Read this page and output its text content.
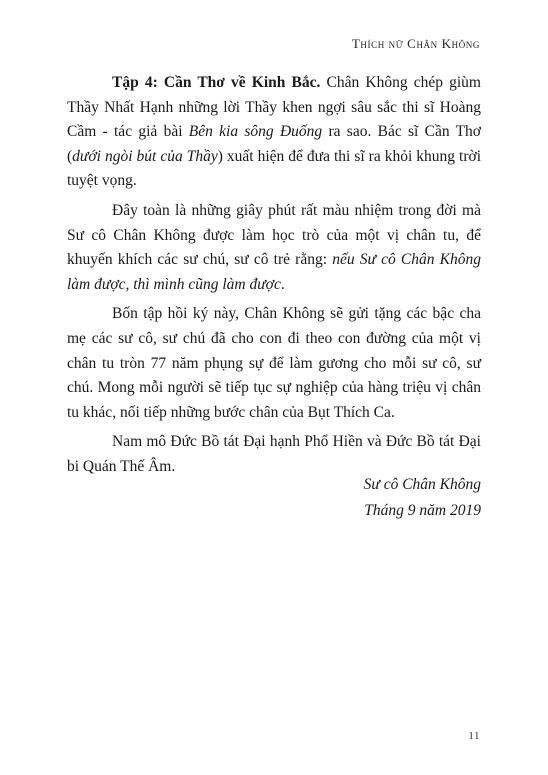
Thích nữ Chân Không

Tập 4: Cần Thơ về Kinh Bắc. Chân Không chép giùm Thầy Nhất Hạnh những lời Thầy khen ngợi sâu sắc thi sĩ Hoàng Cầm - tác giả bài Bên kia sông Đuống ra sao. Bác sĩ Cần Thơ (dưới ngòi bút của Thầy) xuất hiện để đưa thi sĩ ra khỏi khung trời tuyệt vọng.

Đây toàn là những giây phút rất màu nhiệm trong đời mà Sư cô Chân Không được làm học trò của một vị chân tu, để khuyến khích các sư chú, sư cô trẻ rằng: nếu Sư cô Chân Không làm được, thì mình cũng làm được.

Bốn tập hồi ký này, Chân Không sẽ gửi tặng các bậc cha mẹ các sư cô, sư chú đã cho con đi theo con đường của một vị chân tu tròn 77 năm phụng sự để làm gương cho mỗi sư cô, sư chú. Mong mỗi người sẽ tiếp tục sự nghiệp của hàng triệu vị chân tu khác, nối tiếp những bước chân của Bụt Thích Ca.

Nam mô Đức Bồ tát Đại hạnh Phổ Hiền và Đức Bồ tát Đại bi Quán Thế Âm.

Sư cô Chân Không
Tháng 9 năm 2019
11
